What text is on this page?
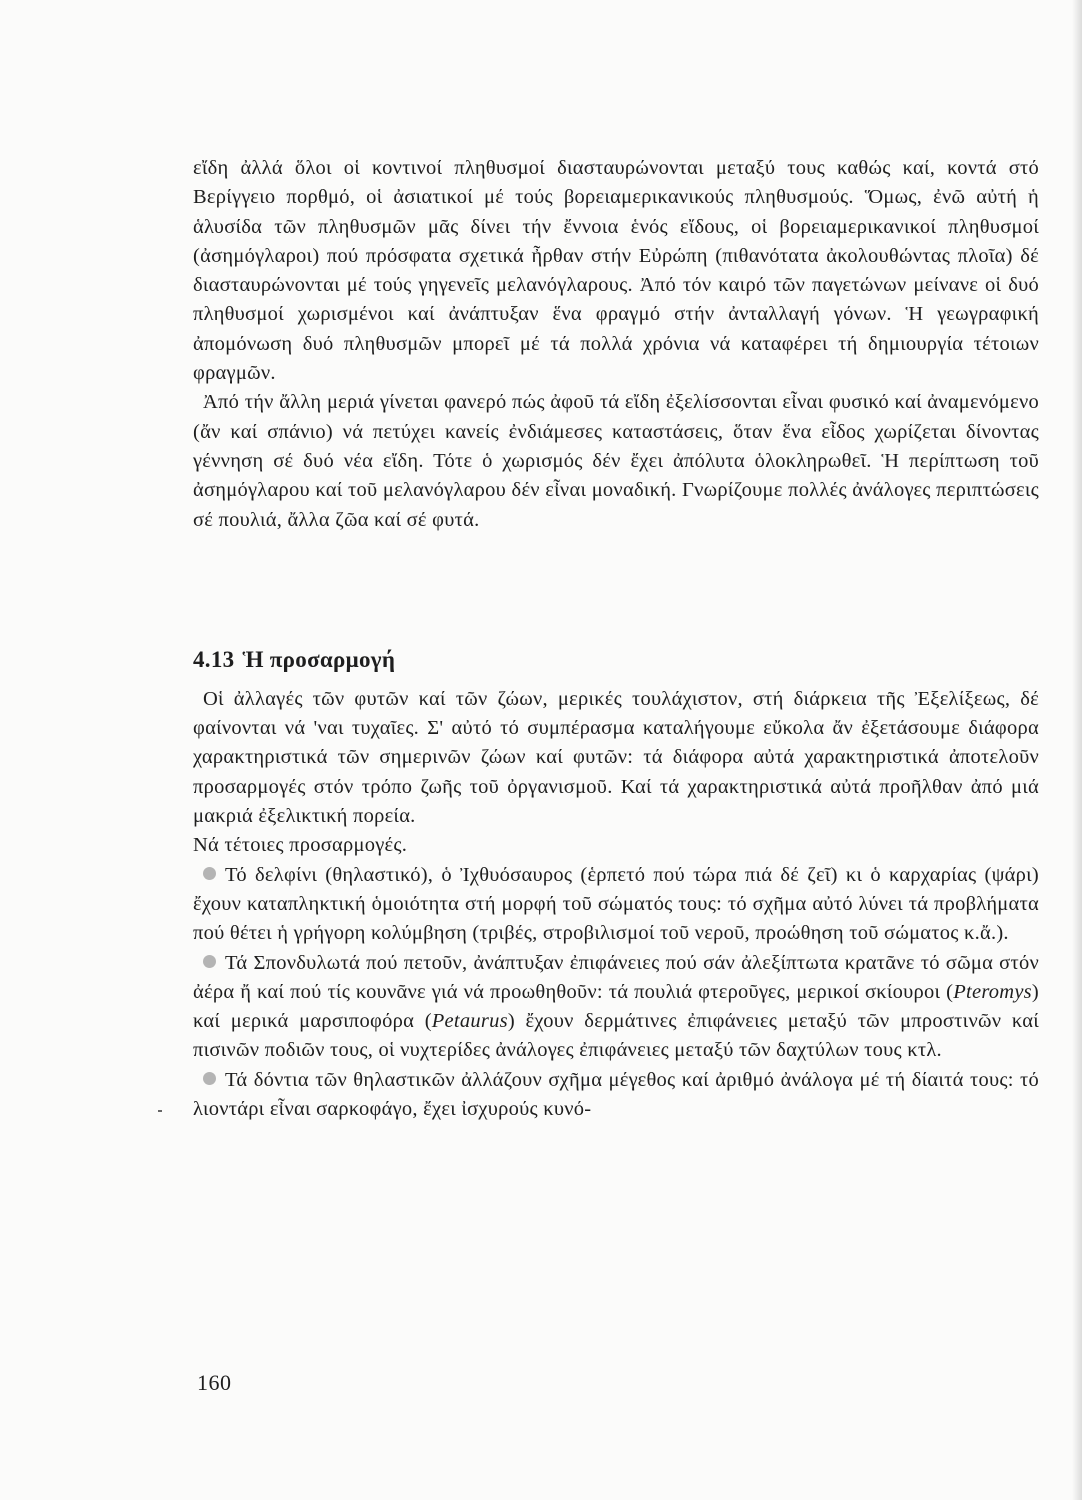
εἴδη ἀλλά ὅλοι οἱ κοντινοί πληθυσμοί διασταυρώνονται μεταξύ τους καθώς καί, κοντά στό Βερίγγειο πορθμό, οἱ ἀσιατικοί μέ τούς βορειαμερικανικούς πληθυσμούς. Ὅμως, ἐνῶ αὐτή ἡ ἁλυσίδα τῶν πληθυσμῶν μᾶς δίνει τήν ἔννοια ἑνός εἴδους, οἱ βορειαμερικανικοί πληθυσμοί (ἀσημόγλαροι) πού πρόσφατα σχετικά ἦρθαν στήν Εὐρώπη (πιθανότατα ἀκολουθώντας πλοῖα) δέ διασταυρώνονται μέ τούς γηγενεῖς μελανόγλαρους. Ἀπό τόν καιρό τῶν παγετώνων μείνανε οἱ δυό πληθυσμοί χωρισμένοι καί ἀνάπτυξαν ἕνα φραγμό στήν ἀνταλλαγή γόνων. Ἡ γεωγραφική ἀπομόνωση δυό πληθυσμῶν μπορεῖ μέ τά πολλά χρόνια νά καταφέρει τή δημιουργία τέτοιων φραγμῶν.

Ἀπό τήν ἄλλη μεριά γίνεται φανερό πώς ἀφοῦ τά εἴδη ἐξελίσσονται εἶναι φυσικό καί ἀναμενόμενο (ἄν καί σπάνιο) νά πετύχει κανείς ἐνδιάμεσες καταστάσεις, ὅταν ἕνα εἶδος χωρίζεται δίνοντας γέννηση σέ δυό νέα εἴδη. Τότε ὁ χωρισμός δέν ἔχει ἀπόλυτα ὁλοκληρωθεῖ. Ἡ περίπτωση τοῦ ἀσημόγλαρου καί τοῦ μελανόγλαρου δέν εἶναι μοναδική. Γνωρίζουμε πολλές ἀνάλογες περιπτώσεις σέ πουλιά, ἄλλα ζῶα καί σέ φυτά.

4.13 Ἡ προσαρμογή

Οἱ ἀλλαγές τῶν φυτῶν καί τῶν ζώων, μερικές τουλάχιστον, στή διάρκεια τῆς Ἐξελίξεως, δέ φαίνονται νά 'ναι τυχαῖες. Σ' αὐτό τό συμπέρασμα καταλήγουμε εὔκολα ἄν ἐξετάσουμε διάφορα χαρακτηριστικά τῶν σημερινῶν ζώων καί φυτῶν: τά διάφορα αὐτά χαρακτηριστικά ἀποτελοῦν προσαρμογές στόν τρόπο ζωῆς τοῦ ὀργανισμοῦ. Καί τά χαρακτηριστικά αὐτά προῆλθαν ἀπό μιά μακριά ἐξελικτική πορεία.

Νά τέτοιες προσαρμογές.

Τό δελφίνι (θηλαστικό), ὁ Ἰχθυόσαυρος (ἑρπετό πού τώρα πιά δέ ζεῖ) κι ὁ καρχαρίας (ψάρι) ἔχουν καταπληκτική ὁμοιότητα στή μορφή τοῦ σώματός τους: τό σχῆμα αὐτό λύνει τά προβλήματα πού θέτει ἡ γρήγορη κολύμβηση (τριβές, στροβιλισμοί τοῦ νεροῦ, προώθηση τοῦ σώματος κ.ἄ.).

Τά Σπονδυλωτά πού πετοῦν, ἀνάπτυξαν ἐπιφάνειες πού σάν ἀλεξίπτωτα κρατᾶνε τό σῶμα στόν ἀέρα ἤ καί πού τίς κουνᾶνε γιά νά προωθηθοῦν: τά πουλιά φτεροῦγες, μερικοί σκίουροι (Pteromys) καί μερικά μαρσιποφόρα (Petaurus) ἔχουν δερμάτινες ἐπιφάνειες μεταξύ τῶν μπροστινῶν καί πισινῶν ποδιῶν τους, οἱ νυχτερίδες ἀνάλογες ἐπιφάνειες μεταξύ τῶν δαχτύλων τους κτλ.

Τά δόντια τῶν θηλαστικῶν ἀλλάζουν σχῆμα μέγεθος καί ἀριθμό ἀνάλογα μέ τή δίαιτά τους: τό λιοντάρι εἶναι σαρκοφάγο, ἔχει ἰσχυρούς κυνό-

160
